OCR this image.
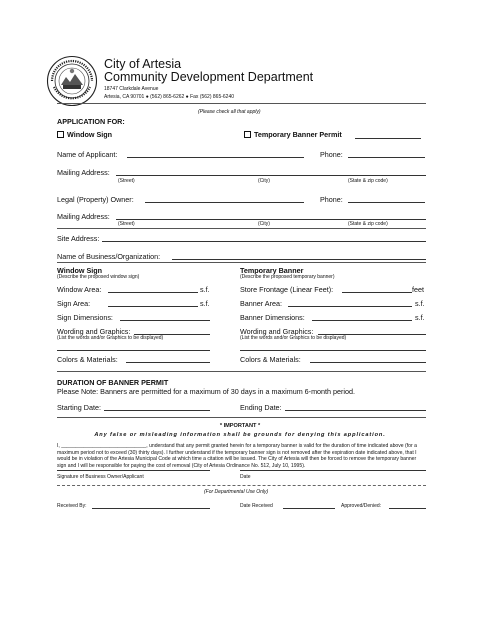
City of Artesia
Community Development Department
18747 Clarkdale Avenue
Artesia, CA 90701 ● (562) 865-6262 ● Fax (562) 865-6240
(Please check all that apply)
APPLICATION FOR:
Window Sign	Temporary Banner Permit
Name of Applicant:	Phone:
Mailing Address:
(Street)	(City)	(State & zip code)
Legal (Property) Owner:	Phone:
Mailing Address:
(Street)	(City)	(State & zip code)
Site Address:
Name of Business/Organization:
Window Sign
(Describe the proposed window sign)
Window Area:	s.f.
Sign Area:	s.f.
Sign Dimensions:
Wording and Graphics:
(List the words and/or Graphics to be displayed)
Colors & Materials:
Temporary Banner
(Describe the proposed temporary banner)
Store Frontage (Linear Feet):	feet
Banner Area:	s.f.
Banner Dimensions:	s.f.
Wording and Graphics:
(List the words and/or Graphics to be displayed)
Colors & Materials:
DURATION OF BANNER PERMIT
Please Note: Banners are permitted for a maximum of 30 days in a maximum 6-month period.
Starting Date:	Ending Date:
* IMPORTANT *
Any false or misleading information shall be grounds for denying this application.
I, ______________________________, understand that any permit granted herein for a temporary banner is valid for the duration of time indicated above (for a maximum period not to exceed (30) thirty days). I further understand if the temporary banner sign is not removed after the expiration date indicated above, that I would be in violation of the Artesia Municipal Code at which time a citation will be issued. The City of Artesia will then be forced to remove the temporary banner sign and I will be responsible for paying the cost of removal (City of Artesia Ordinance No. 512, July 10, 1995).
Signature of Business Owner/Applicant	Date
(For Departmental Use Only)
Received By:	Date Received	Approved/Denied:
